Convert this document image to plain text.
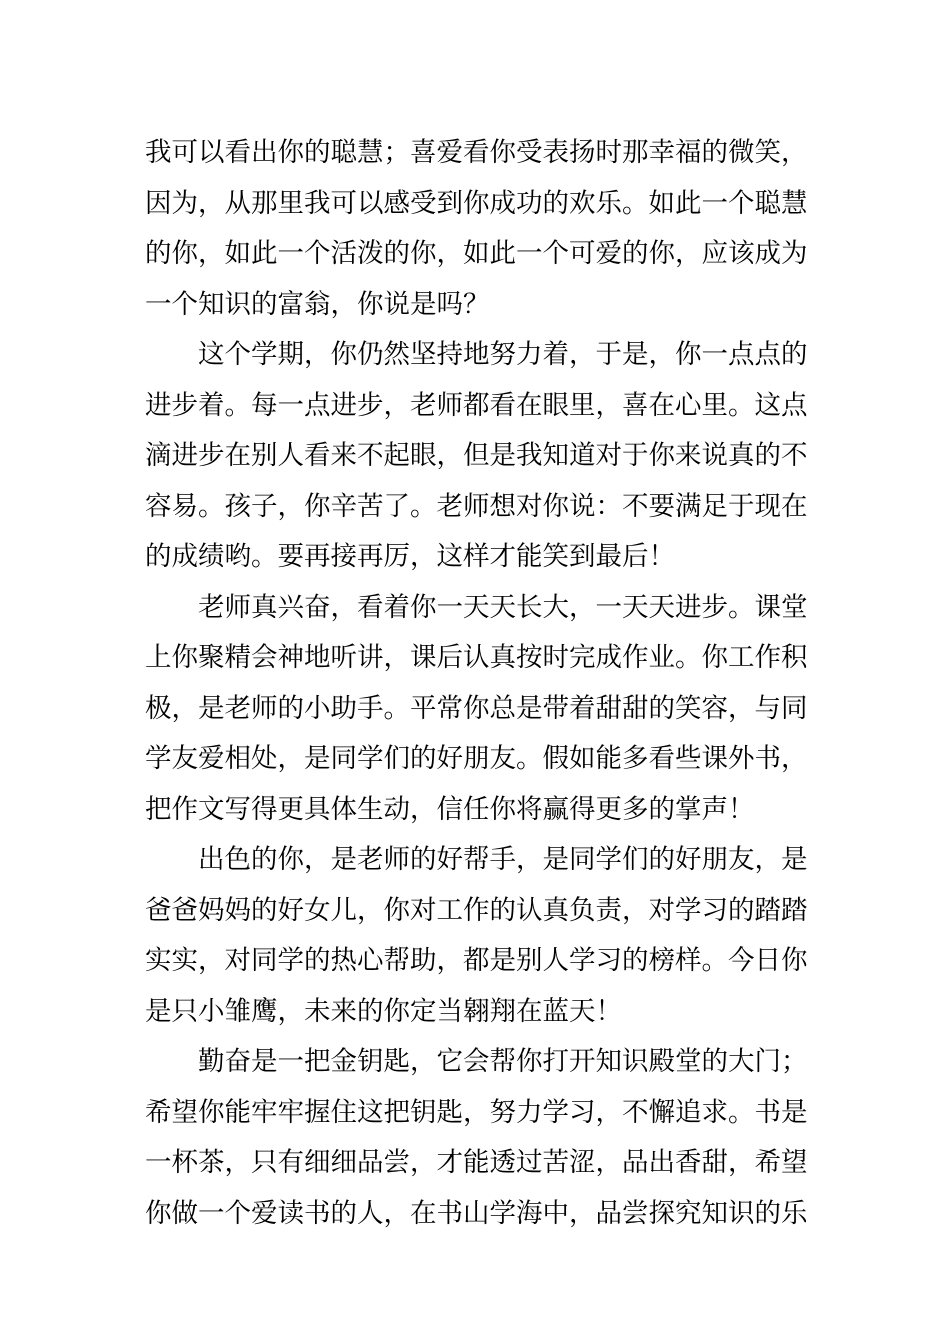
我可以看出你的聪慧；喜爱看你受表扬时那幸福的微笑，
因为，从那里我可以感受到你成功的欢乐。如此一个聪慧
的你，如此一个活泼的你，如此一个可爱的你，应该成为
一个知识的富翁，你说是吗？
这个学期，你仍然坚持地努力着，于是，你一点点的
进步着。每一点进步，老师都看在眼里，喜在心里。这点
滴进步在别人看来不起眼，但是我知道对于你来说真的不
容易。孩子，你辛苦了。老师想对你说：不要满足于现在
的成绩哟。要再接再厉，这样才能笑到最后！
老师真兴奋，看着你一天天长大，一天天进步。课堂
上你聚精会神地听讲，课后认真按时完成作业。你工作积
极，是老师的小助手。平常你总是带着甜甜的笑容，与同
学友爱相处，是同学们的好朋友。假如能多看些课外书，
把作文写得更具体生动，信任你将赢得更多的掌声！
出色的你，是老师的好帮手，是同学们的好朋友，是
爸爸妈妈的好女儿，你对工作的认真负责，对学习的踏踏
实实，对同学的热心帮助，都是别人学习的榜样。今日你
是只小雏鹰，未来的你定当翱翔在蓝天！
勤奋是一把金钥匙，它会帮你打开知识殿堂的大门；
希望你能牢牢握住这把钥匙，努力学习，不懈追求。书是
一杯茶，只有细细品尝，才能透过苦涩，品出香甜，希望
你做一个爱读书的人，在书山学海中，品尝探究知识的乐
